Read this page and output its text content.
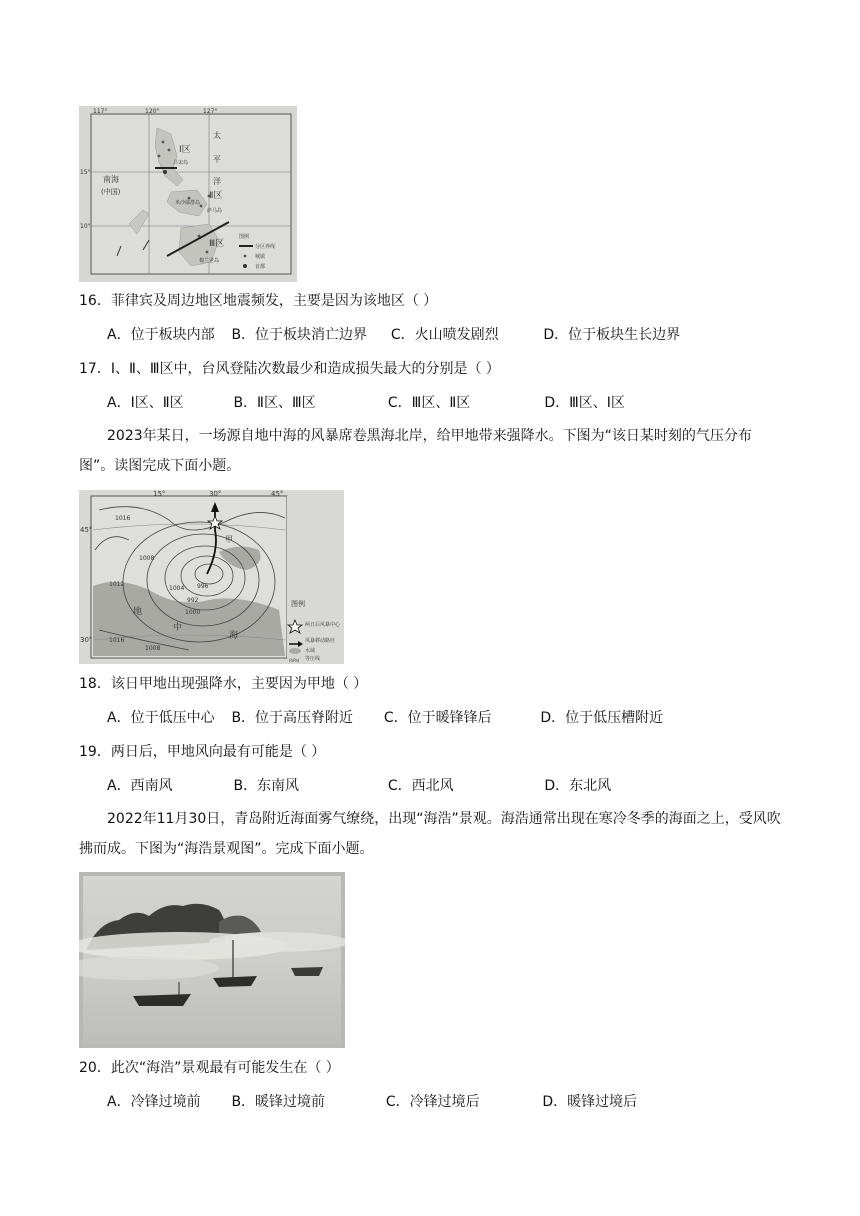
117°	120°	127°
15°
10°
Ⅰ区
Ⅱ区
Ⅲ区
南海
(中国)
太
平
洋
吕宋岛
米沙鄢群岛
萨马岛
棉兰老岛
图例
分区界线
城镇
首都
16．菲律宾及周边地区地震频发，主要是因为该地区（ ）
A．位于板块内部 B．位于板块消亡边界 C．火山喷发剧烈	D．位于板块生长边界
17．Ⅰ、Ⅱ、Ⅲ区中，台风登陆次数最少和造成损失最大的分别是（ ）
A．Ⅰ区、Ⅱ区	B．Ⅱ区、Ⅲ区	C．Ⅲ区、Ⅱ区	D．Ⅲ区、Ⅰ区
2023年某日，一场源自地中海的风暴席卷黑海北岸，给甲地带来强降水。下图为“该日某时刻的气压分布图”。读图完成下面小题。
15°	30°	45°
45°
30°
1016
1012
1008
1004
1000
996
992
1008
1016
甲
地
中
海
图例
两日后风暴中心
风暴移动路径
水域
等压线
(hPa)
18．该日甲地出现强降水，主要因为甲地（ ）
A．位于低压中心 B．位于高压脊附近 C．位于暖锋锋后	D．位于低压槽附近
19．两日后，甲地风向最有可能是（ ）
A．西南风	B．东南风	C．西北风	D．东北风
2022年11月30日，青岛附近海面雾气缭绕，出现“海浩”景观。海浩通常出现在寒冷冬季的海面之上，受风吹拂而成。下图为“海浩景观图”。完成下面小题。
20．此次“海浩”景观最有可能发生在（ ）
A．冷锋过境前 B．暖锋过境前	C．冷锋过境后	D．暖锋过境后
